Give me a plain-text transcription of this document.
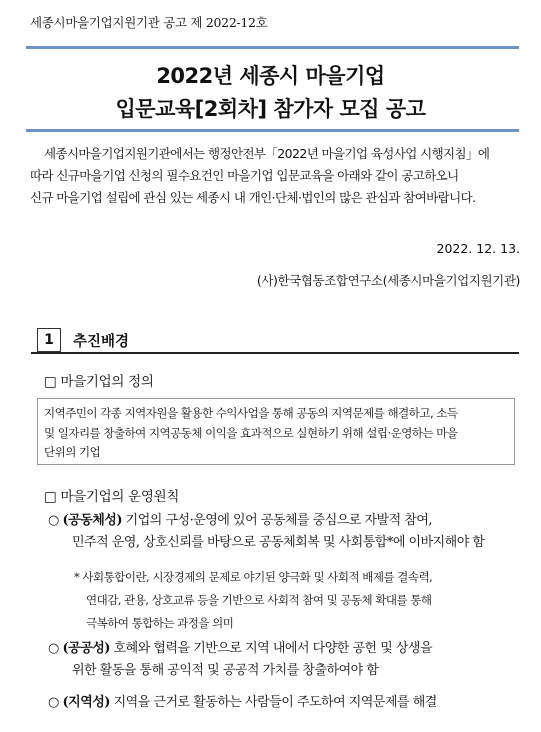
세종시마을기업지원기관 공고 제 2022-12호
2022년 세종시 마을기업
입문교육[2회차] 참가자 모집 공고

세종시마을기업지원기관에서는 행정안전부「2022년 마을기업 육성사업 시행지침」에

따라 신규마을기업 신청의 필수요건인 마을기업 입문교육을 아래와 같이 공고하오니

신규 마을기업 설립에 관심 있는 세종시 내 개인·단체·법인의 많은 관심과 참여바랍니다.

2022. 12. 13.
(사)한국협동조합연구소(세종시마을기업지원기관)
1	추진배경
□ 마을기업의 정의
지역주민이 각종 지역자원을 활용한 수익사업을 통해 공동의 지역문제를 해결하고, 소득
및 일자리를 창출하여 지역공동체 이익을 효과적으로 실현하기 위해 설립·운영하는 마을
단위의 기업
□ 마을기업의 운영원칙
○ (공동체성) 기업의 구성·운영에 있어 공동체를 중심으로 자발적 참여,
민주적 운영, 상호신뢰를 바탕으로 공동체회복 및 사회통합*에 이바지해야 함
* 사회통합이란, 시장경제의 문제로 야기된 양극화 및 사회적 배제를 결속력,
연대감, 관용, 상호교류 등을 기반으로 사회적 참여 및 공동체 확대를 통해
극복하여 통합하는 과정을 의미
○ (공공성) 호혜와 협력을 기반으로 지역 내에서 다양한 공헌 및 상생을
위한 활동을 통해 공익적 및 공공적 가치를 창출하여야 함
○ (지역성) 지역을 근거로 활동하는 사람들이 주도하여 지역문제를 해결
